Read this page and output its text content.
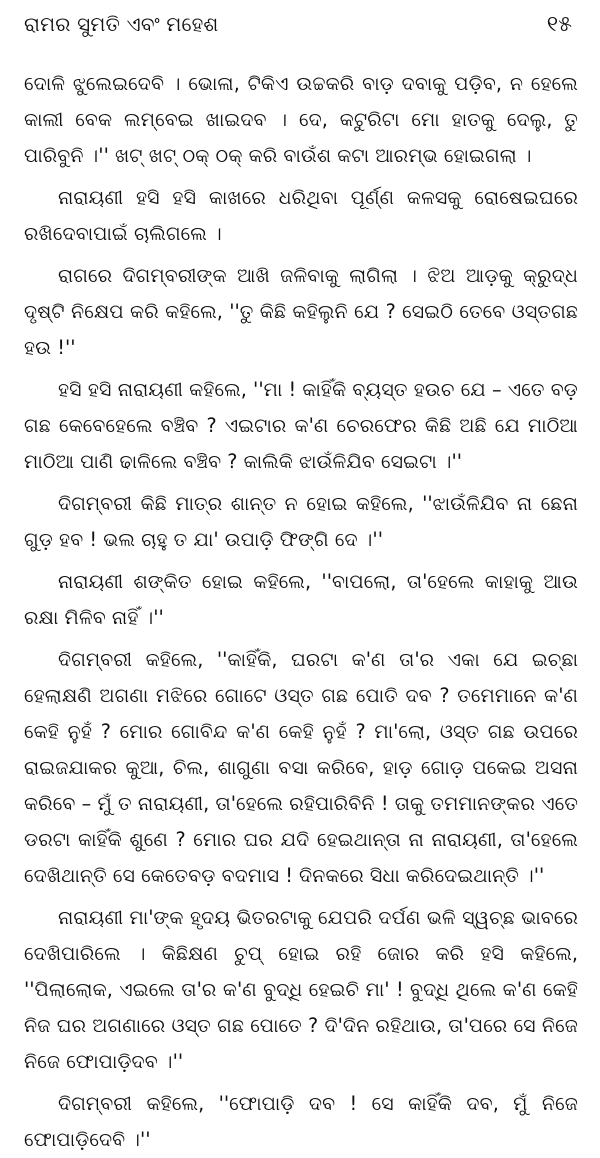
ରାମର ସୁମତି ଏବଂ ମହେଶ	୧୫

ଦୋଳି ଝୁଲେଇଦେବି । ଭୋଳା, ଟିକିଏ ଉଚ୍ଚକରି ବାଡ଼ ଦବାକୁ ପଡ଼ିବ, ନ ହେଲେ କାଲୀ ବେକ ଲମ୍ବେଇ ଖାଇଦବ । ଦେ, କଟୁରିଟା ମୋ ହାତକୁ ଦେଲୁ, ତୁ ପାରିବୁନି ।'' ଖଟ୍ ଖଟ୍ ଠକ୍ ଠକ୍ କରି ବାଉଁଶ କଟା ଆରମ୍ଭ ହୋଇଗଲା ।

ନାରାୟଣୀ ହସି ହସି କାଖରେ ଧରିଥିବା ପୂର୍ଣ୍ଣ କଳସକୁ ରୋଷେଇଘରେ ରଖିଦେବାପାଇଁ ଚାଲିଗଲେ ।

ରାଗରେ ଦିଗମ୍ବରୀଙ୍କ ଆଖି ଜଳିବାକୁ ଲାଗିଲା । ଝିଅ ଆଡ଼କୁ କ୍ରୁଦ୍ଧ ଦୃଷ୍ଟି ନିକ୍ଷେପ କରି କହିଲେ, ''ତୁ କିଛି କହିଲୁନି ଯେ ? ସେଇଠି ତେବେ ଓସ୍ତଗଛ ହଉ !''

ହସି ହସି ନାରାୟଣୀ କହିଲେ, ''ମା ! କାହିଁକି ବ୍ୟସ୍ତ ହଉଚ ଯେ – ଏତେ ବଡ଼ ଗଛ କେବେହେଲେ ବଞ୍ଚିବ ? ଏଇଟାର କ'ଣ ଚେରଫେର କିଛି ଅଛି ଯେ ମାଠିଆ ମାଠିଆ ପାଣି ଢାଳିଲେ ବଞ୍ଚିବ ? କାଲିକି ଝାଉଁଳିଯିବ ସେଇଟା ।''

ଦିଗମ୍ବରୀ କିଛି ମାତ୍ର ଶାନ୍ତ ନ ହୋଇ କହିଲେ, ''ଝାଉଁଳିଯିବ ନା ଛେନା ଗୁଡ଼ ହବ ! ଭଲ ଚାହୁ ତ ଯା' ଉପାଡ଼ି ଫିଙ୍ଗି ଦେ ।''

ନାରାୟଣୀ ଶଙ୍କିତ ହୋଇ କହିଲେ, ''ବାପଲୋ, ତା'ହେଲେ କାହାକୁ ଆଉ ରକ୍ଷା ମିଳିବ ନାହିଁ ।''

ଦିଗମ୍ବରୀ କହିଲେ, ''କାହିଁକି, ଘରଟା କ'ଣ ତା'ର ଏକା ଯେ ଇଚ୍ଛା ହେଲାକ୍ଷଣି ଅଗଣା ମଝିରେ ଗୋଟେ ଓସ୍ତ ଗଛ ପୋତି ଦବ ? ତମେମାନେ କ'ଣ କେହି ନୁହଁ ? ମୋର ଗୋବିନ୍ଦ କ'ଣ କେହି ନୁହଁ ? ମା'ଲୋ, ଓସ୍ତ ଗଛ ଉପରେ ରାଇଜଯାକର କୁଆ, ଚିଲ, ଶାଗୁଣା ବସା କରିବେ, ହାଡ଼ ଗୋଡ଼ ପକେଇ ଅସନା କରିବେ – ମୁଁ ତ ନାରାୟଣୀ, ତା'ହେଲେ ରହିପାରିବିନି ! ତାକୁ ତମମାନଙ୍କର ଏତେ ଡରଟା କାହିଁକି ଶୁଣେ ? ମୋର ଘର ଯଦି ହେଇଥାନ୍ତା ନା ନାରାୟଣୀ, ତା'ହେଲେ ଦେଖିଥାନ୍ତି ସେ କେତେବଡ଼ ବଦମାସ ! ଦିନକରେ ସିଧା କରିଦେଇଥାନ୍ତି ।''

ନାରାୟଣୀ ମା'ଙ୍କ ହୃଦୟ ଭିତରଟାକୁ ଯେପରି ଦର୍ପଣ ଭଳି ସ୍ୱଚ୍ଛ ଭାବରେ ଦେଖିପାରିଲେ । କିଛିକ୍ଷଣ ଚୁପ୍ ହୋଇ ରହି ଜୋର କରି ହସି କହିଲେ, ''ପିଲାଲୋକ, ଏଇଲେ ତା'ର କ'ଣ ବୁଦ୍ଧି ହେଇଚି ମା' ! ବୁଦ୍ଧି ଥିଲେ କ'ଣ କେହି ନିଜ ଘର ଅଗଣାରେ ଓସ୍ତ ଗଛ ପୋତେ ? ଦି'ଦିନ ରହିଥାଉ, ତା'ପରେ ସେ ନିଜେ ନିଜେ ଫୋପାଡ଼ିଦବ ।''

ଦିଗମ୍ବରୀ କହିଲେ, ''ଫୋପାଡ଼ି ଦବ ! ସେ କାହିଁକି ଦବ, ମୁଁ ନିଜେ ଫୋପାଡ଼ିଦେବି ।''
